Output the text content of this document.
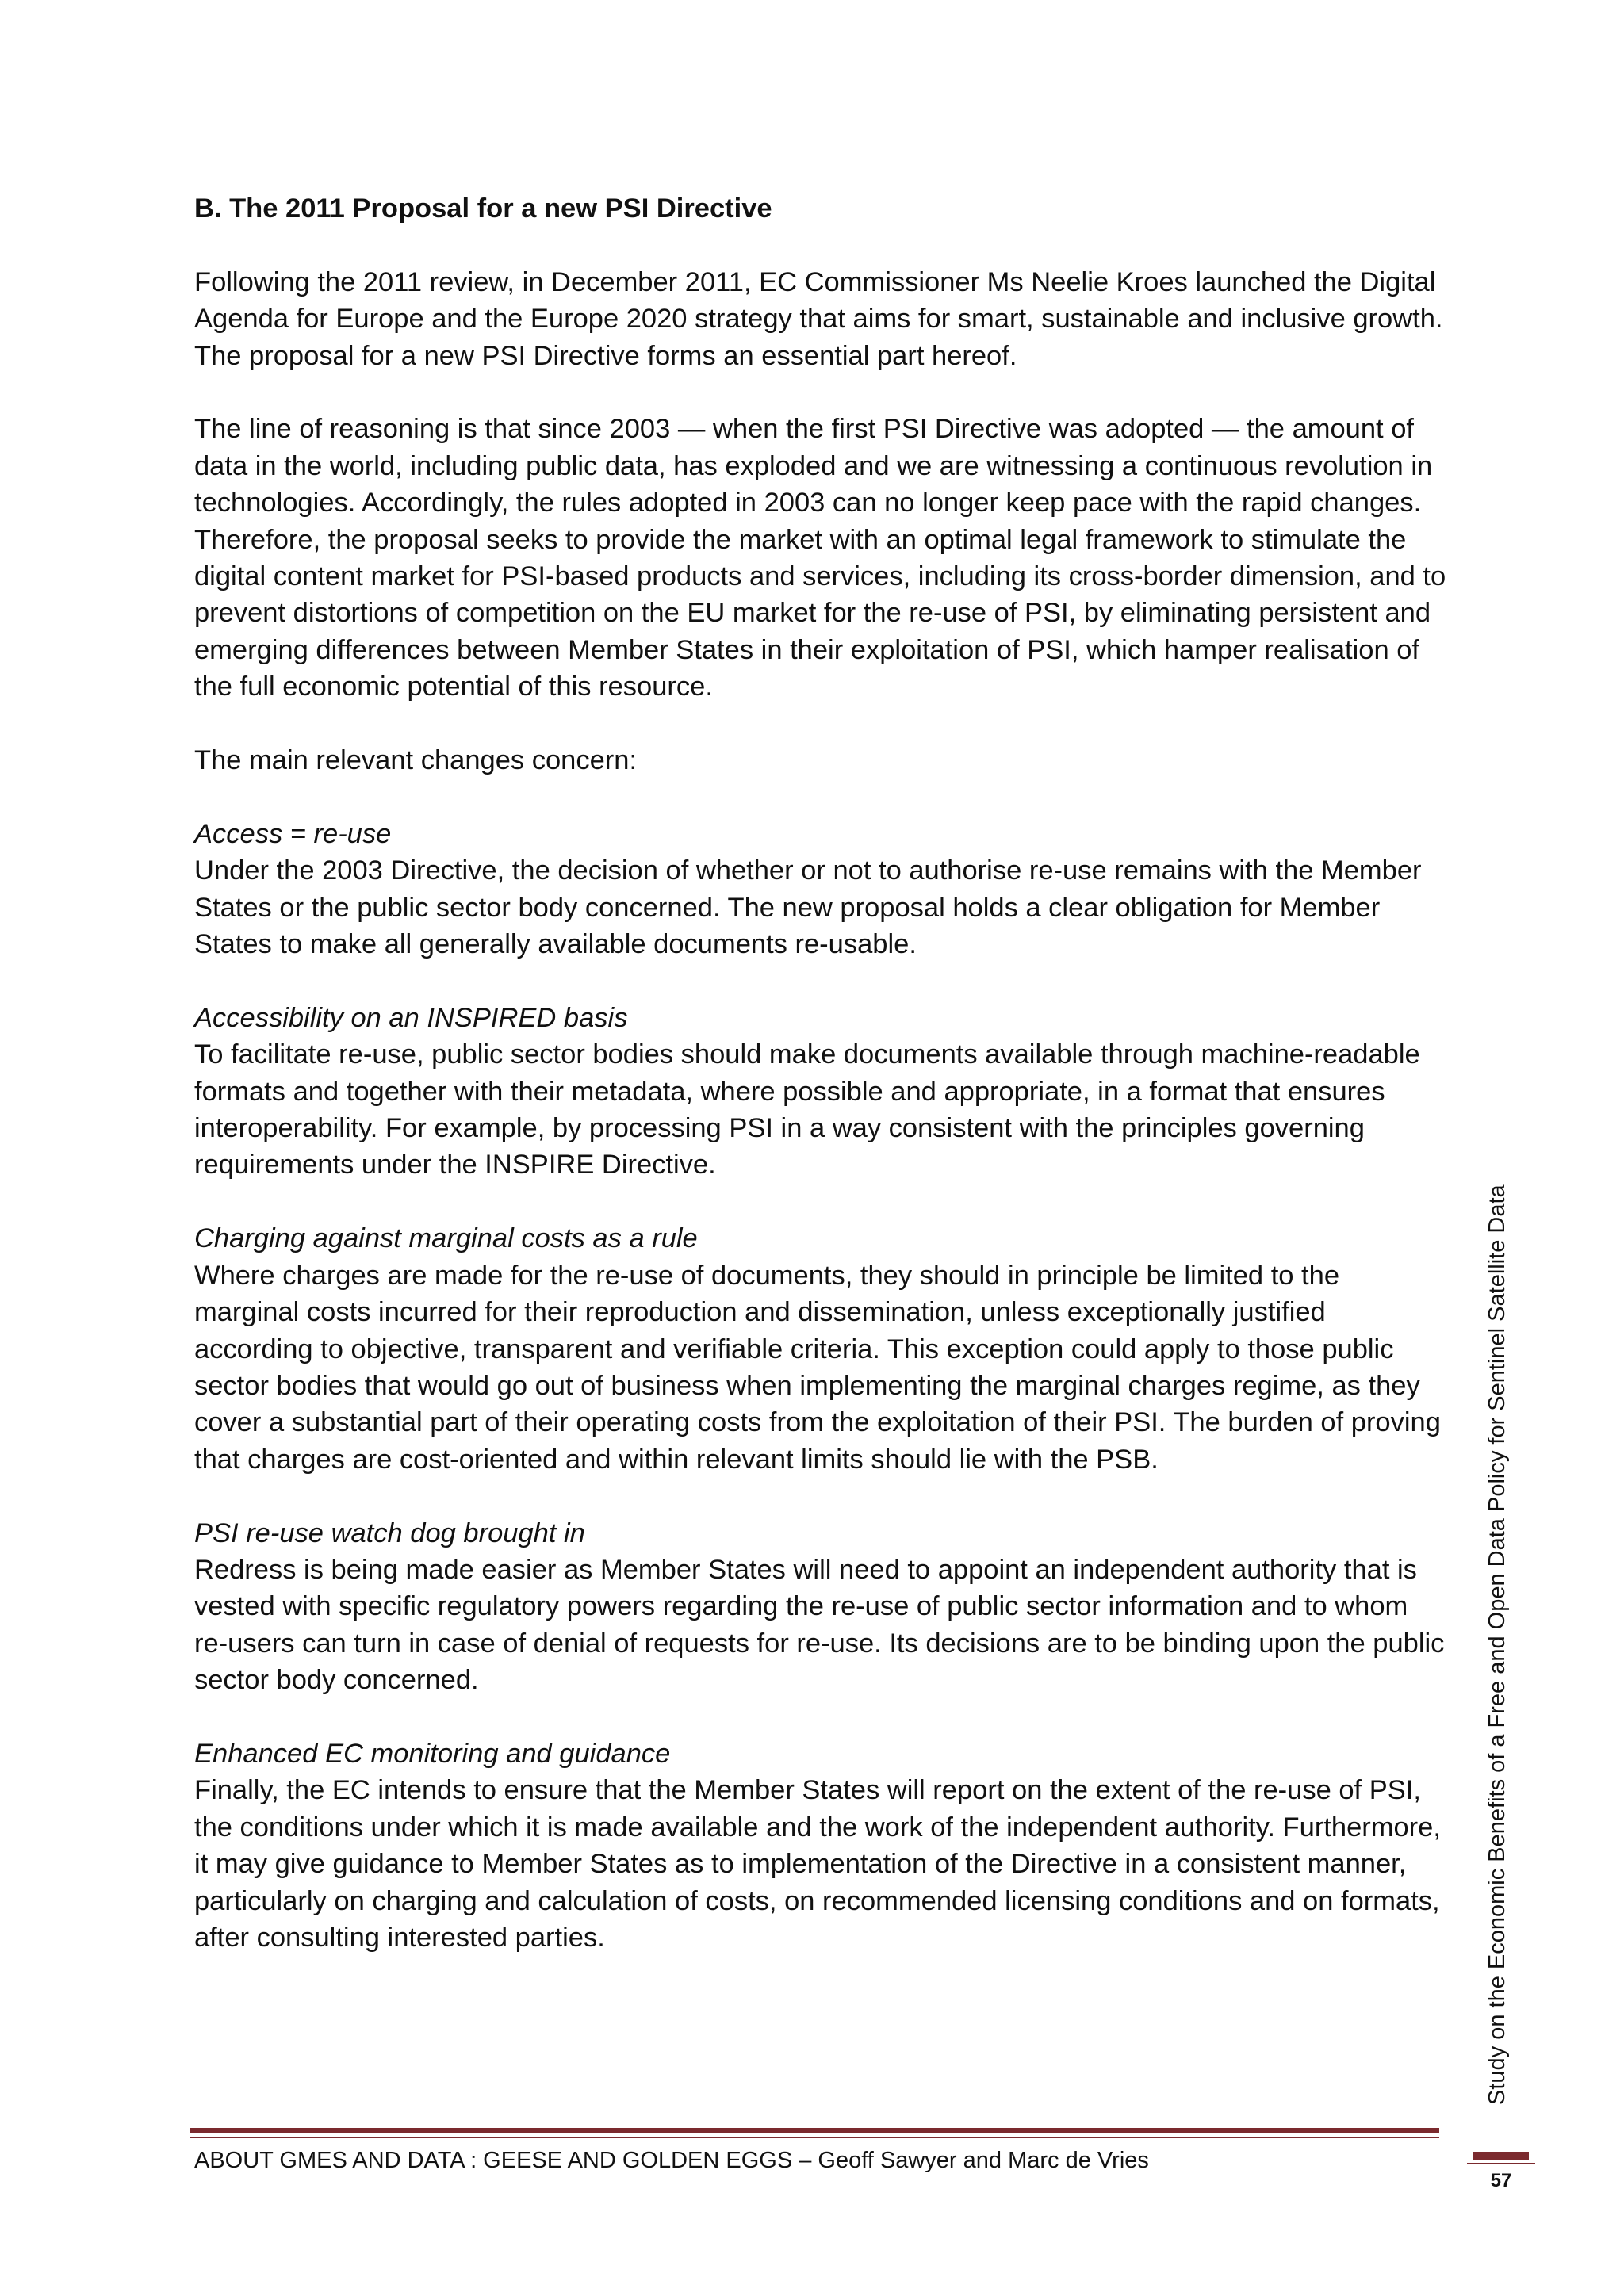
B. The 2011 Proposal for a new PSI Directive

Following the 2011 review, in December 2011, EC Commissioner Ms Neelie Kroes launched the Digital Agenda for Europe and the Europe 2020 strategy that aims for smart, sustainable and inclusive growth. The proposal for a new PSI Directive forms an essential part hereof.

The line of reasoning is that since 2003 — when the first PSI Directive was adopted — the amount of data in the world, including public data, has exploded and we are witnessing a continuous revolution in technologies. Accordingly, the rules adopted in 2003 can no longer keep pace with the rapid changes. Therefore, the proposal seeks to provide the market with an optimal legal framework to stimulate the digital content market for PSI-based products and services, including its cross-border dimension, and to prevent distortions of competition on the EU market for the re-use of PSI, by eliminating persistent and emerging differences between Member States in their exploitation of PSI, which hamper realisation of the full economic potential of this resource.

The main relevant changes concern:

Access = re-use

Under the 2003 Directive, the decision of whether or not to authorise re-use remains with the Member States or the public sector body concerned. The new proposal holds a clear obligation for Member States to make all generally available documents re-usable.

Accessibility on an INSPIRED basis

To facilitate re-use, public sector bodies should make documents available through machine-readable formats and together with their metadata, where possible and appropriate, in a format that ensures interoperability. For example, by processing PSI in a way consistent with the principles governing requirements under the INSPIRE Directive.

Charging against marginal costs as a rule

Where charges are made for the re-use of documents, they should in principle be limited to the marginal costs incurred for their reproduction and dissemination, unless exceptionally justified according to objective, transparent and verifiable criteria. This exception could apply to those public sector bodies that would go out of business when implementing the marginal charges regime, as they cover a substantial part of their operating costs from the exploitation of their PSI. The burden of proving that charges are cost-oriented and within relevant limits should lie with the PSB.

PSI re-use watch dog brought in

Redress is being made easier as Member States will need to appoint an independent authority that is vested with specific regulatory powers regarding the re-use of public sector information and to whom re-users can turn in case of denial of requests for re-use. Its decisions are to be binding upon the public sector body concerned.

Enhanced EC monitoring and guidance

Finally, the EC intends to ensure that the Member States will report on the extent of the re-use of PSI, the conditions under which it is made available and the work of the independent authority. Furthermore, it may give guidance to Member States as to implementation of the Directive in a consistent manner, particularly on charging and calculation of costs, on recommended licensing conditions and on formats, after consulting interested parties.	Study on the Economic Benefits of a Free and Open Data Policy for Sentinel Satellite Data
ABOUT GMES AND DATA : GEESE AND GOLDEN EGGS – Geoff Sawyer and Marc de Vries
57
